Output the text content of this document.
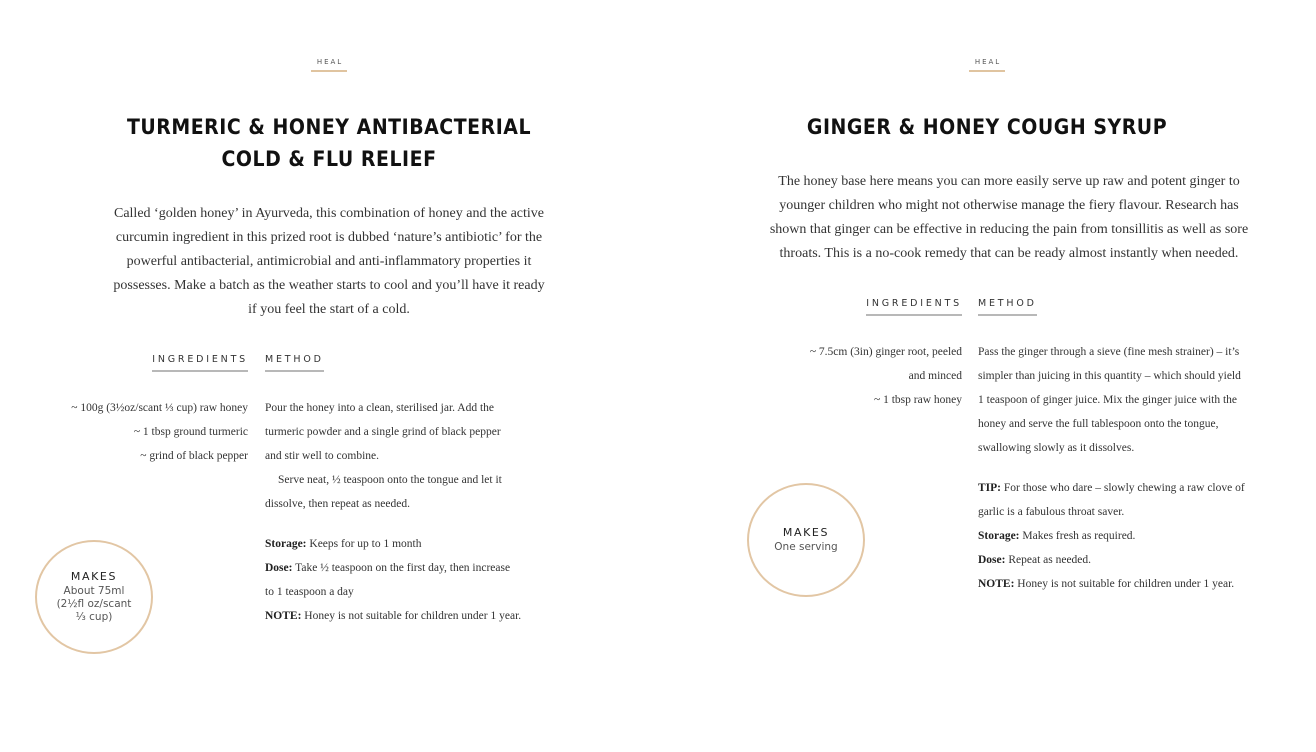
HEAL
TURMERIC & HONEY ANTIBACTERIAL
COLD & FLU RELIEF
Called ‘golden honey’ in Ayurveda, this combination of honey and the active
curcumin ingredient in this prized root is dubbed ‘nature’s antibiotic’ for the
powerful antibacterial, antimicrobial and anti-inflammatory properties it
possesses. Make a batch as the weather starts to cool and you’ll have it ready
if you feel the start of a cold.
INGREDIENTS METHOD
~ 100g (3½oz/scant ⅓ cup) raw honey
~ 1 tbsp ground turmeric
~ grind of black pepper

Pour the honey into a clean, sterilised jar. Add the

turmeric powder and a single grind of black pepper

and stir well to combine.

Serve neat, ½ teaspoon onto the tongue and let it

dissolve, then repeat as needed.

Storage: Keeps for up to 1 month

Dose: Take ½ teaspoon on the first day, then increase

to 1 teaspoon a day

NOTE: Honey is not suitable for children under 1 year.

MAKES
About 75ml
(2½fl oz/scant
⅓ cup)
HEAL
GINGER & HONEY COUGH SYRUP
The honey base here means you can more easily serve up raw and potent ginger to
younger children who might not otherwise manage the fiery flavour. Research has
shown that ginger can be effective in reducing the pain from tonsillitis as well as sore
throats. This is a no-cook remedy that can be ready almost instantly when needed.
INGREDIENTS METHOD
~ 7.5cm (3in) ginger root, peeled
and minced
~ 1 tbsp raw honey

Pass the ginger through a sieve (fine mesh strainer) – it’s

simpler than juicing in this quantity – which should yield

1 teaspoon of ginger juice. Mix the ginger juice with the

honey and serve the full tablespoon onto the tongue,

swallowing slowly as it dissolves.

TIP: For those who dare – slowly chewing a raw clove of

garlic is a fabulous throat saver.

Storage: Makes fresh as required.

Dose: Repeat as needed.

NOTE: Honey is not suitable for children under 1 year.

MAKES
One serving
